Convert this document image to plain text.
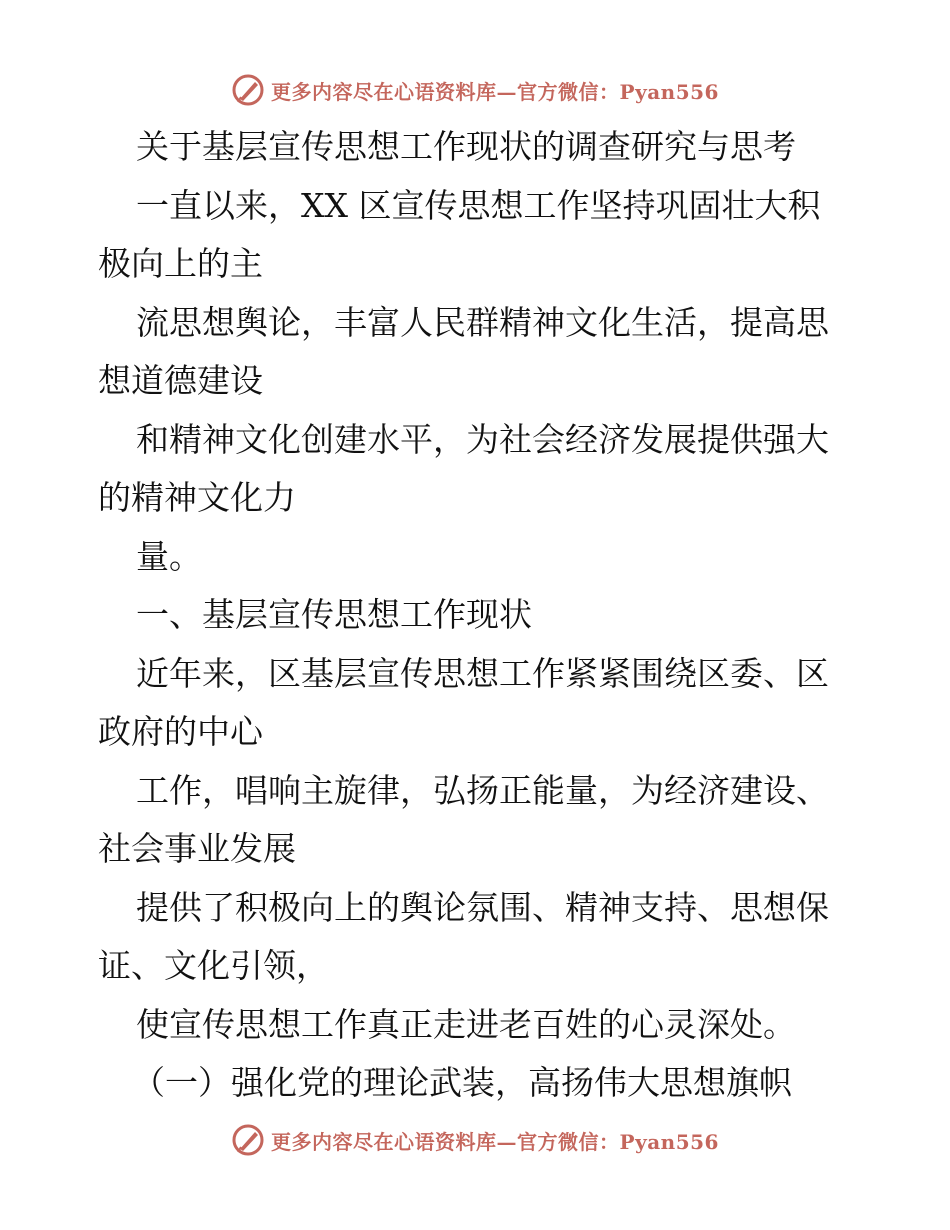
更多内容尽在心语资料库—官方微信：Pyan556
关于基层宣传思想工作现状的调查研究与思考
一直以来，XX 区宣传思想工作坚持巩固壮大积
极向上的主
流思想舆论，丰富人民群精神文化生活，提高思
想道德建设
和精神文化创建水平，为社会经济发展提供强大
的精神文化力
量。
一、基层宣传思想工作现状
近年来，区基层宣传思想工作紧紧围绕区委、区
政府的中心
工作，唱响主旋律，弘扬正能量，为经济建设、
社会事业发展
提供了积极向上的舆论氛围、精神支持、思想保
证、文化引领，
使宣传思想工作真正走进老百姓的心灵深处。
（一）强化党的理论武装，高扬伟大思想旗帜
更多内容尽在心语资料库—官方微信：Pyan556
